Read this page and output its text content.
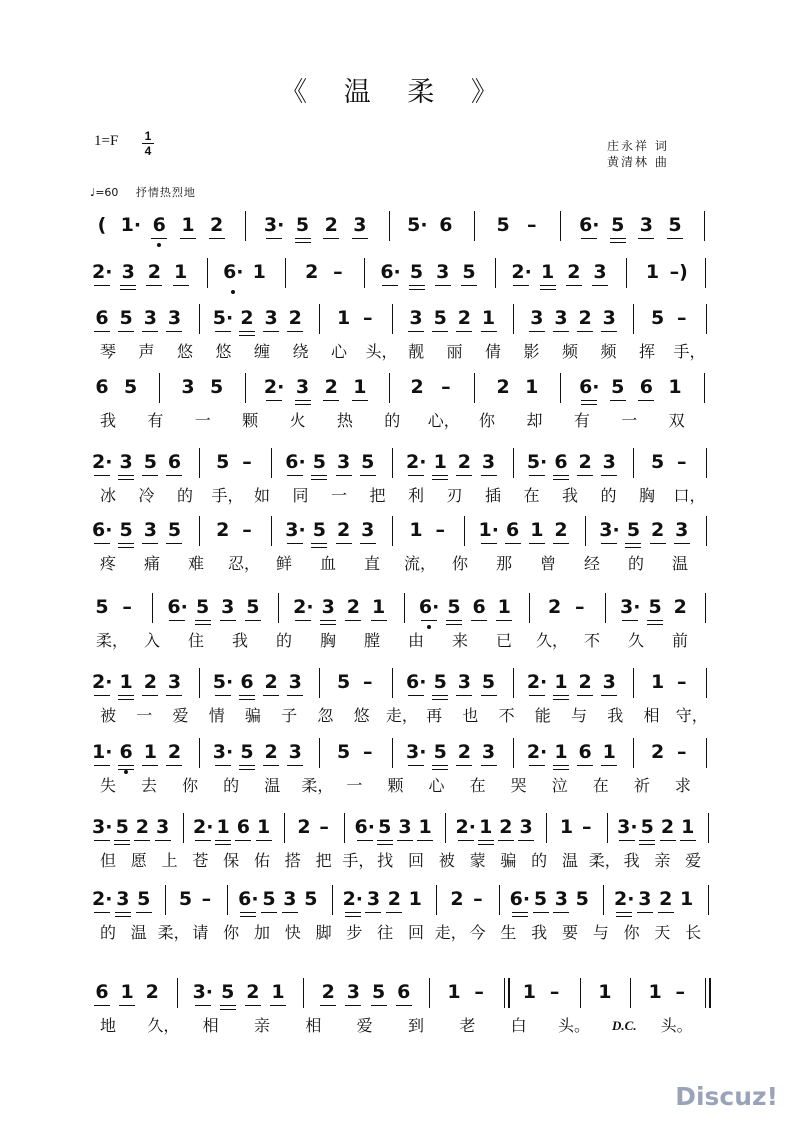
《 温 柔 》
1=F 1
4	庄永祥 词
黄清林 曲
♩=60 抒情热烈地
( 1· 6 1 2 3· 5 2 3 5· 6 5 – 6· 5 3 5
2· 3 2 1 6· 1 2 – 6· 5 3 5 2· 1 2 3 1 –)
6 5 3 3 5· 2 3 2 1 – 3 5 2 1 3 3 2 3 5 –
琴 声 悠 悠 缠 绕 心 头， 靓 丽 倩 影 频 频 挥 手，
6 5 3 5 2· 3 2 1 2 – 2 1 6· 5 6 1
我 有 一 颗 火 热 的 心， 你 却 有 一 双
2· 3 5 6 5 – 6· 5 3 5 2· 1 2 3 5· 6 2 3 5 –
冰 冷 的 手， 如 同 一 把 利 刃 插 在 我 的 胸 口，
6· 5 3 5 2 – 3· 5 2 3 1 – 1· 6 1 2 3· 5 2 3
疼 痛 难 忍， 鲜 血 直 流， 你 那 曾 经 的 温
5 – 6· 5 3 5 2· 3 2 1 6· 5 6 1 2 – 3· 5 2
柔， 入 住 我 的 胸 膛 由 来 已 久， 不 久 前
2· 1 2 3 5· 6 2 3 5 – 6· 5 3 5 2· 1 2 3 1 –
被 一 爱 情 骗 子 忽 悠 走， 再 也 不 能 与 我 相 守，
1· 6 1 2 3· 5 2 3 5 – 3· 5 2 3 2· 1 6 1 2 –
失 去 你 的 温 柔， 一 颗 心 在 哭 泣 在 祈 求
3· 5 2 3 2· 1 6 1 2 – 6· 5 3 1 2· 1 2 3 1 – 3· 5 2 1
但 愿 上 苍 保 佑 搭 把 手， 找 回 被 蒙 骗 的 温 柔， 我 亲 爱
2· 3 5 5 – 6· 5 3 5 2· 3 2 1 2 – 6· 5 3 5 2· 3 2 1
的 温 柔， 请 你 加 快 脚 步 往 回 走， 今 生 我 要 与 你 天 长
6 1 2 3· 5 2 1 2 3 5 6 1 – 1 – 1 1 –
地 久， 相 亲 相 爱 到 老 白 头。 D.C. 头。
Discuz!
